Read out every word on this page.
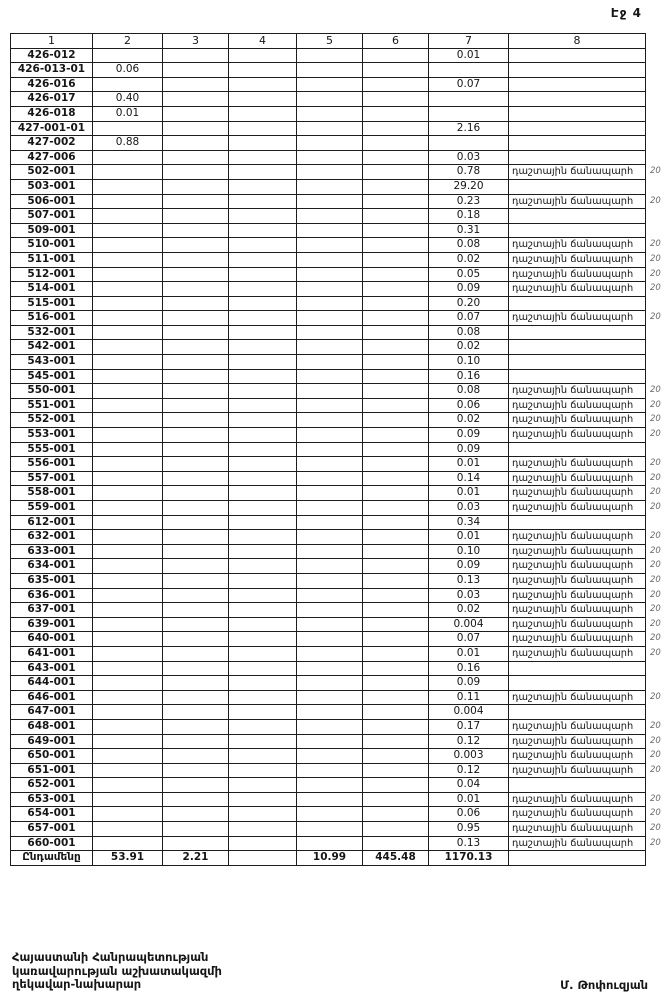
Էջ 4
1	2	3	4	5	6	7	8	
426-012						0.01		
426-013-01	0.06							
426-016						0.07		
426-017	0.40							
426-018	0.01							
427-001-01						2.16		
427-002	0.88							
427-006						0.03		
502-001						0.78	դաշտային ճանապարհ	20
503-001						29.20		
506-001						0.23	դաշտային ճանապարհ	20
507-001						0.18		
509-001						0.31		
510-001						0.08	դաշտային ճանապարհ	20
511-001						0.02	դաշտային ճանապարհ	20
512-001						0.05	դաշտային ճանապարհ	20
514-001						0.09	դաշտային ճանապարհ	20
515-001						0.20		
516-001						0.07	դաշտային ճանապարհ	20
532-001						0.08		
542-001						0.02		
543-001						0.10		
545-001						0.16		
550-001						0.08	դաշտային ճանապարհ	20
551-001						0.06	դաշտային ճանապարհ	20
552-001						0.02	դաշտային ճանապարհ	20
553-001						0.09	դաշտային ճանապարհ	20
555-001						0.09		
556-001						0.01	դաշտային ճանապարհ	20
557-001						0.14	դաշտային ճանապարհ	20
558-001						0.01	դաշտային ճանապարհ	20
559-001						0.03	դաշտային ճանապարհ	20
612-001						0.34		
632-001						0.01	դաշտային ճանապարհ	20
633-001						0.10	դաշտային ճանապարհ	20
634-001						0.09	դաշտային ճանապարհ	20
635-001						0.13	դաշտային ճանապարհ	20
636-001						0.03	դաշտային ճանապարհ	20
637-001						0.02	դաշտային ճանապարհ	20
639-001						0.004	դաշտային ճանապարհ	20
640-001						0.07	դաշտային ճանապարհ	20
641-001						0.01	դաշտային ճանապարհ	20
643-001						0.16		
644-001						0.09		
646-001						0.11	դաշտային ճանապարհ	20
647-001						0.004		
648-001						0.17	դաշտային ճանապարհ	20
649-001						0.12	դաշտային ճանապարհ	20
650-001						0.003	դաշտային ճանապարհ	20
651-001						0.12	դաշտային ճանապարհ	20
652-001						0.04		
653-001						0.01	դաշտային ճանապարհ	20
654-001						0.06	դաշտային ճանապարհ	20
657-001						0.95	դաշտային ճանապարհ	20
660-001						0.13	դաշտային ճանապարհ	20
Ընդամենը	53.91	2.21		10.99	445.48	1170.13		
Հայաստանի Հանրապետության
կառավարության աշխատակազմի
ղեկավար-նախարար	Մ. Թոփուզյան
